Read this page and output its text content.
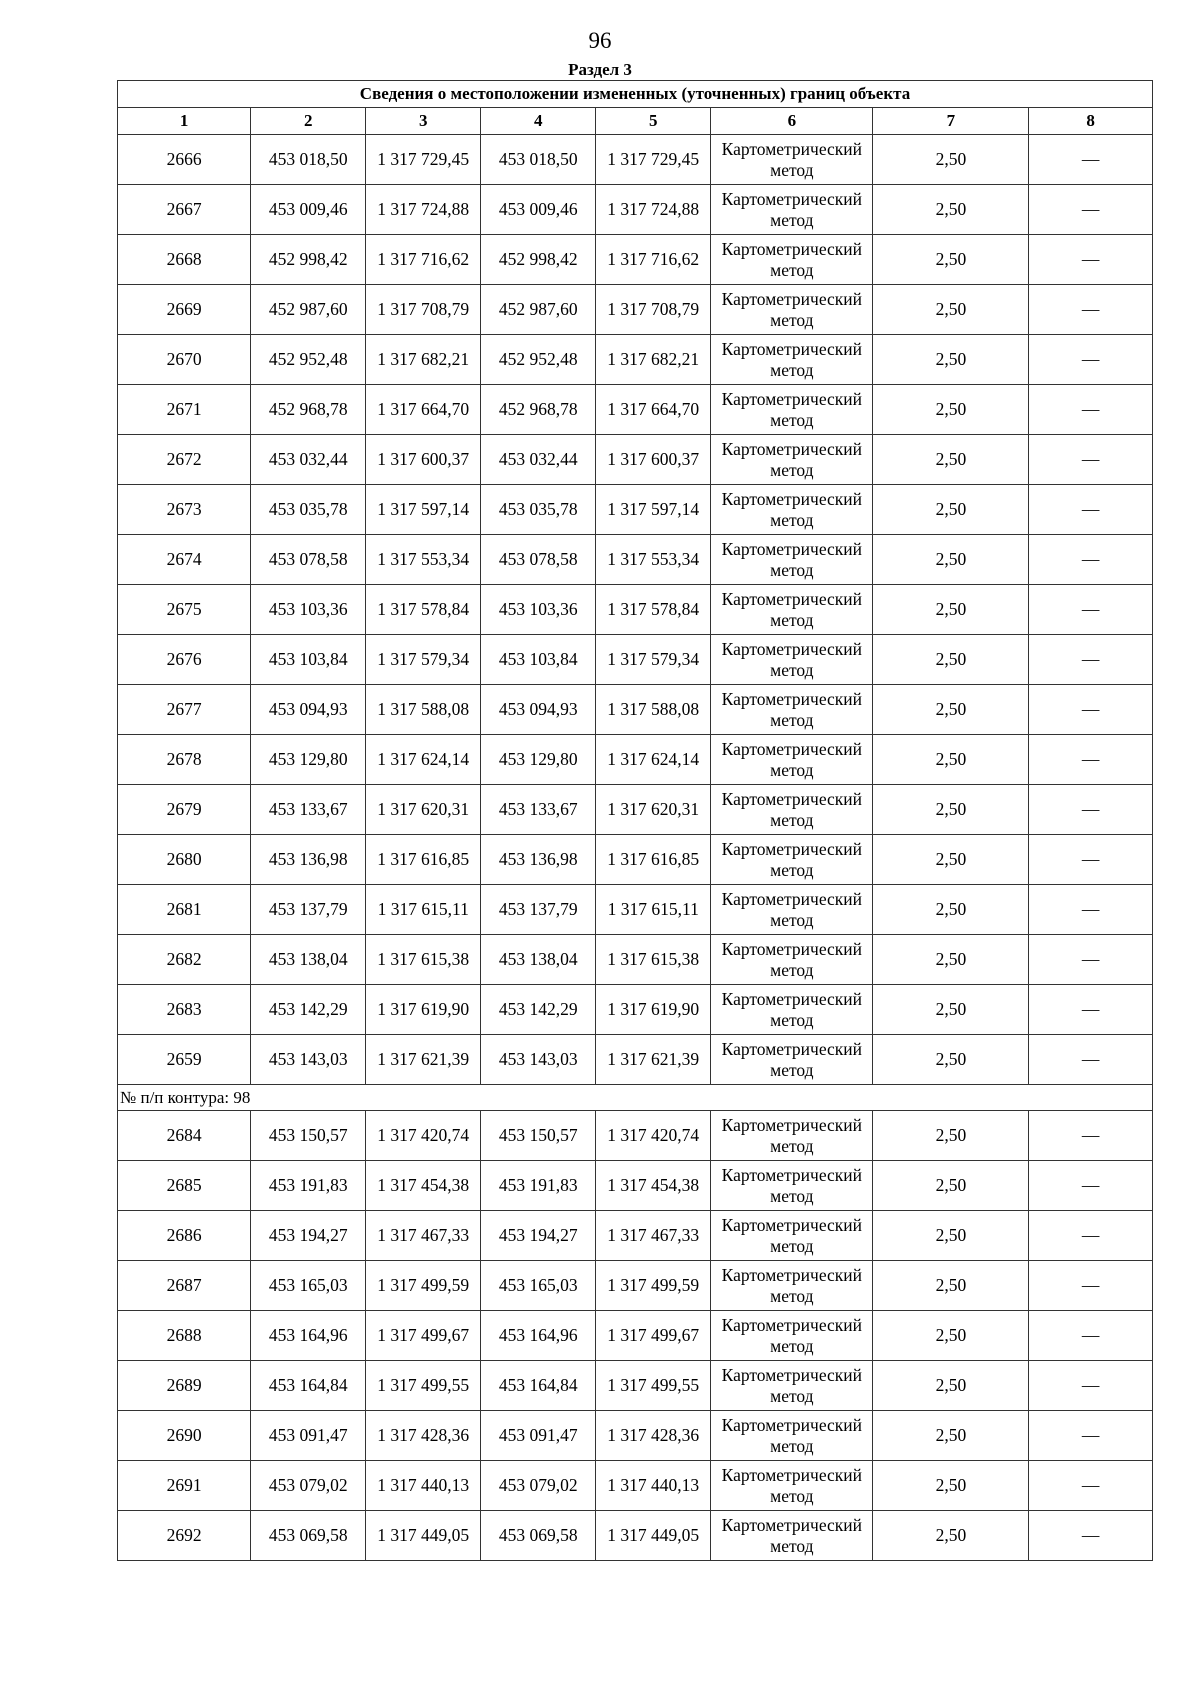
96
Раздел 3
Сведения о местоположении измененных (уточненных) границ объекта							
1	2	3	4	5	6	7	8
2666	453 018,50	1 317 729,45	453 018,50	1 317 729,45	Картометрический метод	2,50	—
2667	453 009,46	1 317 724,88	453 009,46	1 317 724,88	Картометрический метод	2,50	—
2668	452 998,42	1 317 716,62	452 998,42	1 317 716,62	Картометрический метод	2,50	—
2669	452 987,60	1 317 708,79	452 987,60	1 317 708,79	Картометрический метод	2,50	—
2670	452 952,48	1 317 682,21	452 952,48	1 317 682,21	Картометрический метод	2,50	—
2671	452 968,78	1 317 664,70	452 968,78	1 317 664,70	Картометрический метод	2,50	—
2672	453 032,44	1 317 600,37	453 032,44	1 317 600,37	Картометрический метод	2,50	—
2673	453 035,78	1 317 597,14	453 035,78	1 317 597,14	Картометрический метод	2,50	—
2674	453 078,58	1 317 553,34	453 078,58	1 317 553,34	Картометрический метод	2,50	—
2675	453 103,36	1 317 578,84	453 103,36	1 317 578,84	Картометрический метод	2,50	—
2676	453 103,84	1 317 579,34	453 103,84	1 317 579,34	Картометрический метод	2,50	—
2677	453 094,93	1 317 588,08	453 094,93	1 317 588,08	Картометрический метод	2,50	—
2678	453 129,80	1 317 624,14	453 129,80	1 317 624,14	Картометрический метод	2,50	—
2679	453 133,67	1 317 620,31	453 133,67	1 317 620,31	Картометрический метод	2,50	—
2680	453 136,98	1 317 616,85	453 136,98	1 317 616,85	Картометрический метод	2,50	—
2681	453 137,79	1 317 615,11	453 137,79	1 317 615,11	Картометрический метод	2,50	—
2682	453 138,04	1 317 615,38	453 138,04	1 317 615,38	Картометрический метод	2,50	—
2683	453 142,29	1 317 619,90	453 142,29	1 317 619,90	Картометрический метод	2,50	—
2659	453 143,03	1 317 621,39	453 143,03	1 317 621,39	Картометрический метод	2,50	—
№ п/п контура: 98							
2684	453 150,57	1 317 420,74	453 150,57	1 317 420,74	Картометрический метод	2,50	—
2685	453 191,83	1 317 454,38	453 191,83	1 317 454,38	Картометрический метод	2,50	—
2686	453 194,27	1 317 467,33	453 194,27	1 317 467,33	Картометрический метод	2,50	—
2687	453 165,03	1 317 499,59	453 165,03	1 317 499,59	Картометрический метод	2,50	—
2688	453 164,96	1 317 499,67	453 164,96	1 317 499,67	Картометрический метод	2,50	—
2689	453 164,84	1 317 499,55	453 164,84	1 317 499,55	Картометрический метод	2,50	—
2690	453 091,47	1 317 428,36	453 091,47	1 317 428,36	Картометрический метод	2,50	—
2691	453 079,02	1 317 440,13	453 079,02	1 317 440,13	Картометрический метод	2,50	—
2692	453 069,58	1 317 449,05	453 069,58	1 317 449,05	Картометрический метод	2,50	—
